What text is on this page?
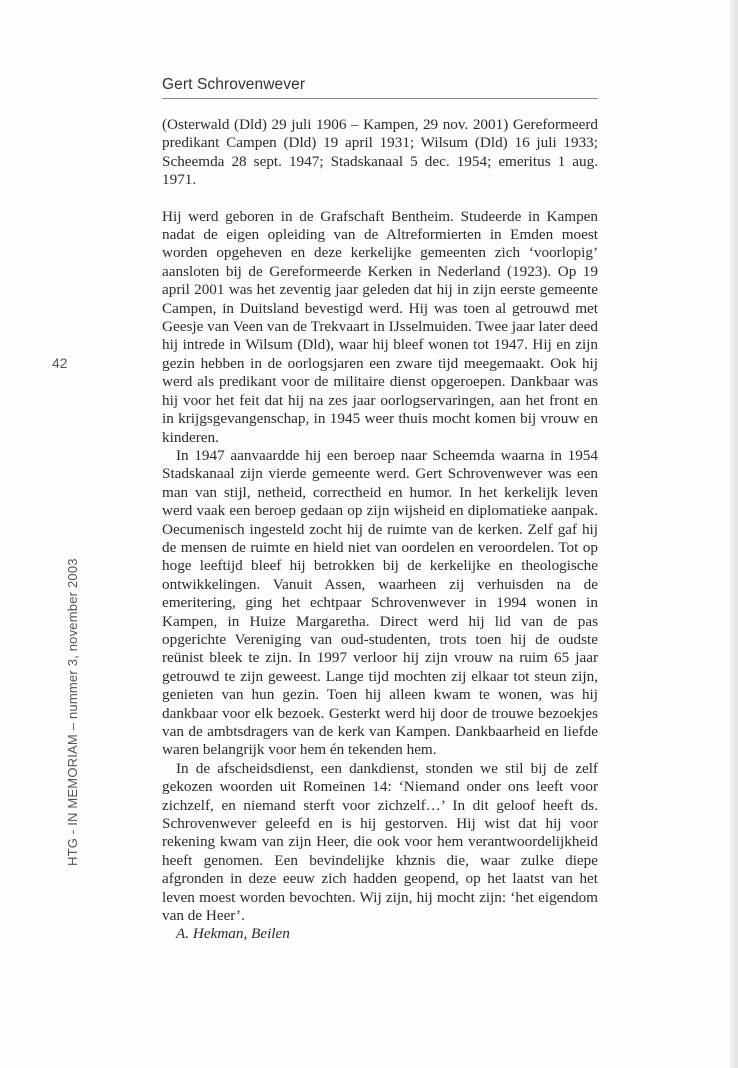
Gert Schrovenwever

(Osterwald (Dld) 29 juli 1906 – Kampen, 29 nov. 2001) Gereformeerd predikant Campen (Dld) 19 april 1931; Wilsum (Dld) 16 juli 1933; Scheemda 28 sept. 1947; Stadskanaal 5 dec. 1954; emeritus 1 aug. 1971.

Hij werd geboren in de Grafschaft Bentheim. Studeerde in Kampen nadat de eigen opleiding van de Altreformierten in Emden moest worden opgeheven en deze kerkelijke gemeenten zich ‘voorlopig’ aansloten bij de Gereformeerde Kerken in Nederland (1923). Op 19 april 2001 was het zeventig jaar geleden dat hij in zijn eerste gemeente Campen, in Duitsland bevestigd werd. Hij was toen al getrouwd met Geesje van Veen van de Trekvaart in IJsselmuiden. Twee jaar later deed hij intrede in Wilsum (Dld), waar hij bleef wonen tot 1947. Hij en zijn gezin hebben in de oorlogsjaren een zware tijd meegemaakt. Ook hij werd als predikant voor de militaire dienst opgeroepen. Dankbaar was hij voor het feit dat hij na zes jaar oorlogservaringen, aan het front en in krijgsgevangenschap, in 1945 weer thuis mocht komen bij vrouw en kinderen.

In 1947 aanvaardde hij een beroep naar Scheemda waarna in 1954 Stadskanaal zijn vierde gemeente werd. Gert Schrovenwever was een man van stijl, netheid, correctheid en humor. In het kerkelijk leven werd vaak een beroep gedaan op zijn wijsheid en diplomatieke aanpak. Oecumenisch ingesteld zocht hij de ruimte van de kerken. Zelf gaf hij de mensen de ruimte en hield niet van oordelen en veroordelen. Tot op hoge leeftijd bleef hij betrokken bij de kerkelijke en theologische ontwikkelingen. Vanuit Assen, waarheen zij verhuisden na de emeritering, ging het echtpaar Schrovenwever in 1994 wonen in Kampen, in Huize Margaretha. Direct werd hij lid van de pas opgerichte Vereniging van oud-studenten, trots toen hij de oudste reünist bleek te zijn. In 1997 verloor hij zijn vrouw na ruim 65 jaar getrouwd te zijn geweest. Lange tijd mochten zij elkaar tot steun zijn, genieten van hun gezin. Toen hij alleen kwam te wonen, was hij dankbaar voor elk bezoek. Gesterkt werd hij door de trouwe bezoekjes van de ambtsdragers van de kerk van Kampen. Dankbaarheid en liefde waren belangrijk voor hem én tekenden hem.

In de afscheidsdienst, een dankdienst, stonden we stil bij de zelf gekozen woorden uit Romeinen 14: ‘Niemand onder ons leeft voor zichzelf, en niemand sterft voor zichzelf…’ In dit geloof heeft ds. Schrovenwever geleefd en is hij gestorven. Hij wist dat hij voor rekening kwam van zijn Heer, die ook voor hem verantwoordelijkheid heeft genomen. Een bevindelijke khznis die, waar zulke diepe afgronden in deze eeuw zich hadden geopend, op het laatst van het leven moest worden bevochten. Wij zijn, hij mocht zijn: ‘het eigendom van de Heer’.

A. Hekman, Beilen

42
HTG - IN MEMORIAM – nummer 3, november 2003
